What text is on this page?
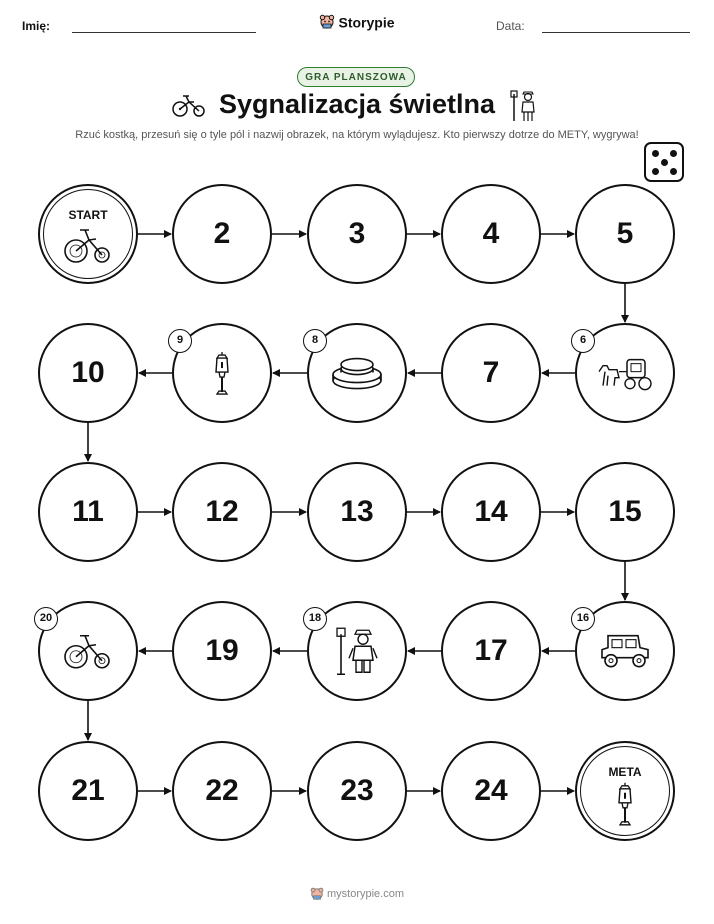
Imię:	Storypie	Data:
GRA PLANSZOWA
Sygnalizacja świetlna
Rzuć kostką, przesuń się o tyle pól i nazwij obrazek, na którym wylądujesz. Kto pierwszy dotrze do METY, wygrywa!
START
2	3	4	5
6
7
8
9
10
11	12	13	14	15
16
17
18
19
20
21	22	23	24
META
mystorypie.com
